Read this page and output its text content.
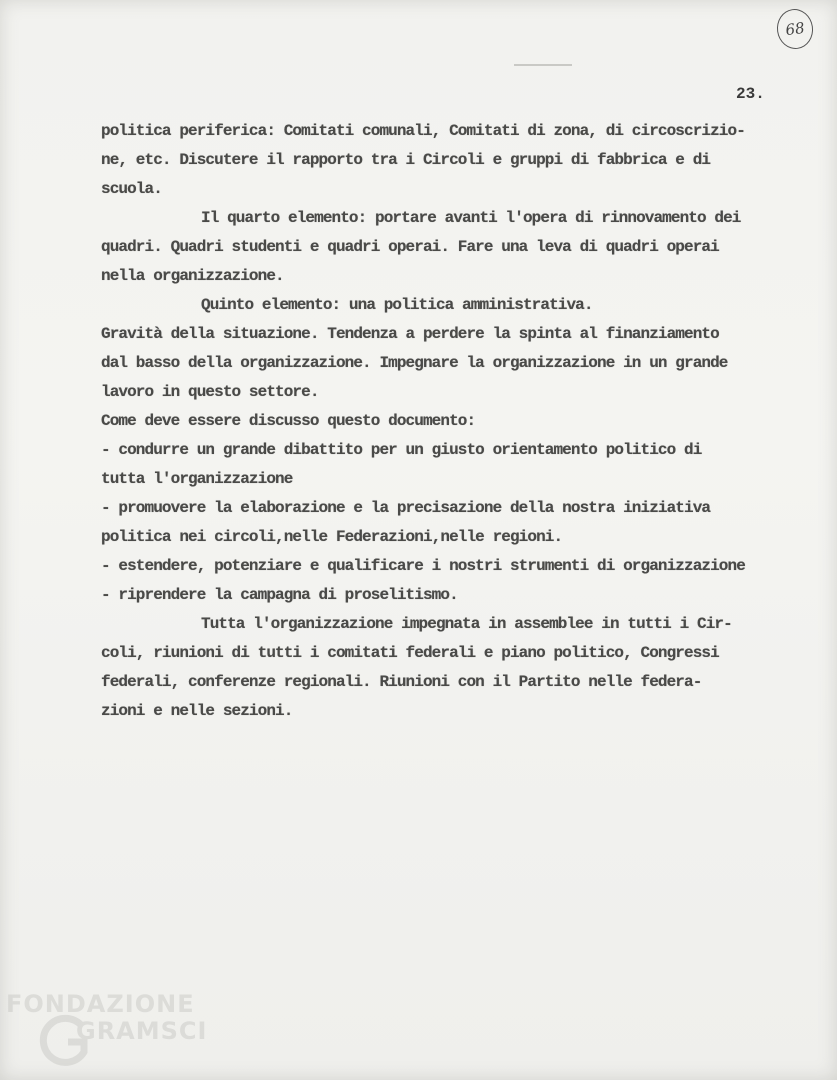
68
23.
politica periferica: Comitati comunali, Comitati di zona, di circoscrizio-
ne, etc. Discutere il rapporto tra i Circoli e gruppi di fabbrica e di
scuola.
Il quarto elemento: portare avanti l'opera di rinnovamento dei
quadri. Quadri studenti e quadri operai. Fare una leva di quadri operai
nella organizzazione.
Quinto elemento: una politica amministrativa.
Gravità della situazione. Tendenza a perdere la spinta al finanziamento
dal basso della organizzazione. Impegnare la organizzazione in un grande
lavoro in questo settore.
Come deve essere discusso questo documento:
- condurre un grande dibattito per un giusto orientamento politico di
tutta l'organizzazione
- promuovere la elaborazione e la precisazione della nostra iniziativa
politica nei circoli,nelle Federazioni,nelle regioni.
- estendere, potenziare e qualificare i nostri strumenti di organizzazione
- riprendere la campagna di proselitismo.
Tutta l'organizzazione impegnata in assemblee in tutti i Cir-
coli, riunioni di tutti i comitati federali e piano politico, Congressi
federali, conferenze regionali. Riunioni con il Partito nelle federa-
zioni e nelle sezioni.
FONDAZIONE
GRAMSCI
